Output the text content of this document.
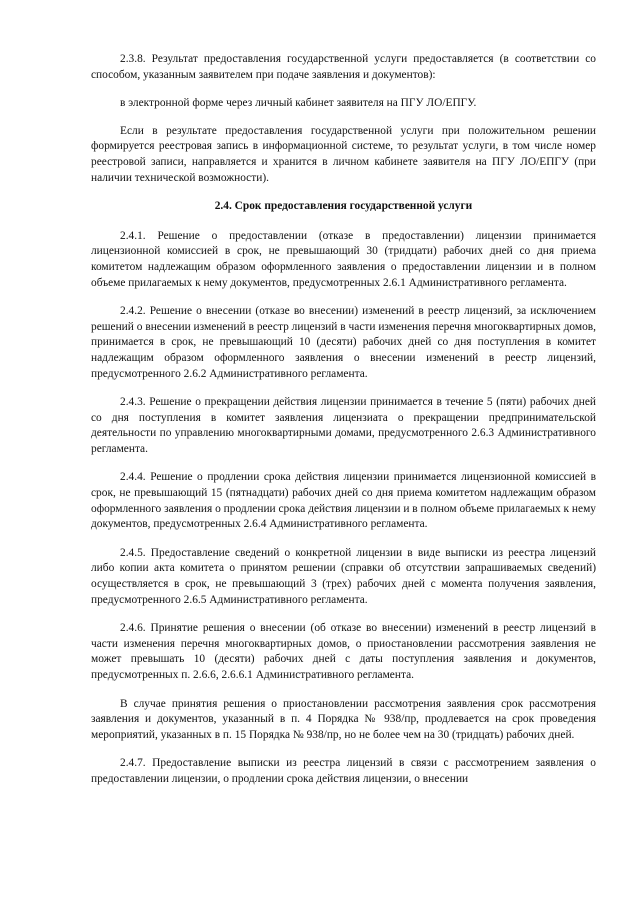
2.3.8. Результат предоставления государственной услуги предоставляется (в соответствии со способом, указанным заявителем при подаче заявления и документов):

в электронной форме через личный кабинет заявителя на ПГУ ЛО/ЕПГУ.

Если в результате предоставления государственной услуги при положительном решении формируется реестровая запись в информационной системе, то результат услуги, в том числе номер реестровой записи, направляется и хранится в личном кабинете заявителя на ПГУ ЛО/ЕПГУ (при наличии технической возможности).

2.4. Срок предоставления государственной услуги

2.4.1. Решение о предоставлении (отказе в предоставлении) лицензии принимается лицензионной комиссией в срок, не превышающий 30 (тридцати) рабочих дней со дня приема комитетом надлежащим образом оформленного заявления о предоставлении лицензии и в полном объеме прилагаемых к нему документов, предусмотренных 2.6.1 Административного регламента.

2.4.2. Решение о внесении (отказе во внесении) изменений в реестр лицензий, за исключением решений о внесении изменений в реестр лицензий в части изменения перечня многоквартирных домов, принимается в срок, не превышающий 10 (десяти) рабочих дней со дня поступления в комитет надлежащим образом оформленного заявления о внесении изменений в реестр лицензий, предусмотренного 2.6.2 Административного регламента.

2.4.3. Решение о прекращении действия лицензии принимается в течение 5 (пяти) рабочих дней со дня поступления в комитет заявления лицензиата о прекращении предпринимательской деятельности по управлению многоквартирными домами, предусмотренного 2.6.3 Административного регламента.

2.4.4. Решение о продлении срока действия лицензии принимается лицензионной комиссией в срок, не превышающий 15 (пятнадцати) рабочих дней со дня приема комитетом надлежащим образом оформленного заявления о продлении срока действия лицензии и в полном объеме прилагаемых к нему документов, предусмотренных 2.6.4 Административного регламента.

2.4.5. Предоставление сведений о конкретной лицензии в виде выписки из реестра лицензий либо копии акта комитета о принятом решении (справки об отсутствии запрашиваемых сведений) осуществляется в срок, не превышающий 3 (трех) рабочих дней с момента получения заявления, предусмотренного 2.6.5 Административного регламента.

2.4.6. Принятие решения о внесении (об отказе во внесении) изменений в реестр лицензий в части изменения перечня многоквартирных домов, о приостановлении рассмотрения заявления не может превышать 10 (десяти) рабочих дней с даты поступления заявления и документов, предусмотренных п. 2.6.6, 2.6.6.1 Административного регламента.

В случае принятия решения о приостановлении рассмотрения заявления срок рассмотрения заявления и документов, указанный в п. 4 Порядка № 938/пр, продлевается на срок проведения мероприятий, указанных в п. 15 Порядка № 938/пр, но не более чем на 30 (тридцать) рабочих дней.

2.4.7. Предоставление выписки из реестра лицензий в связи с рассмотрением заявления о предоставлении лицензии, о продлении срока действия лицензии, о внесении
